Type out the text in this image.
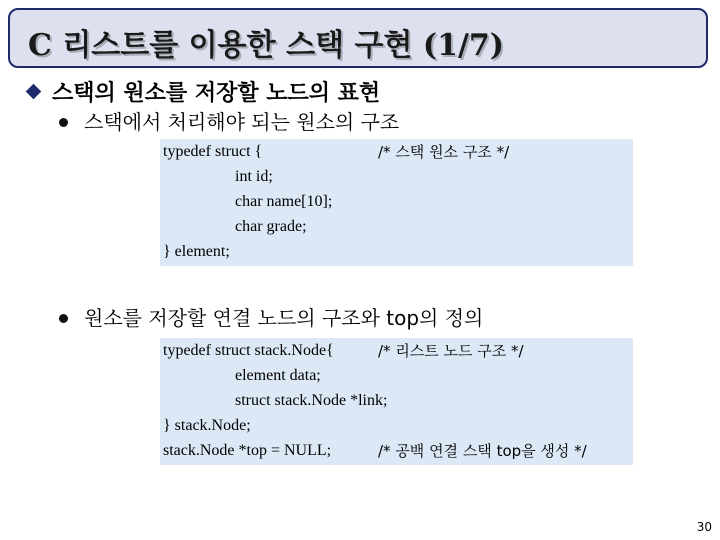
C 리스트를 이용한 스택 구현 (1/7)
스택의 원소를 저장할 노드의 표현
스택에서 처리해야 되는 원소의 구조
typedef struct {
int id;
char name[10];
char grade;
} element;
/* 스택 원소 구조 */
원소를 저장할 연결 노드의 구조와 top의 정의
typedef struct stack.Node{
element data;
struct stack.Node *link;
} stack.Node;
stack.Node *top = NULL;
/* 리스트 노드 구조 */
/* 공백 연결 스택 top을 생성 */
30
